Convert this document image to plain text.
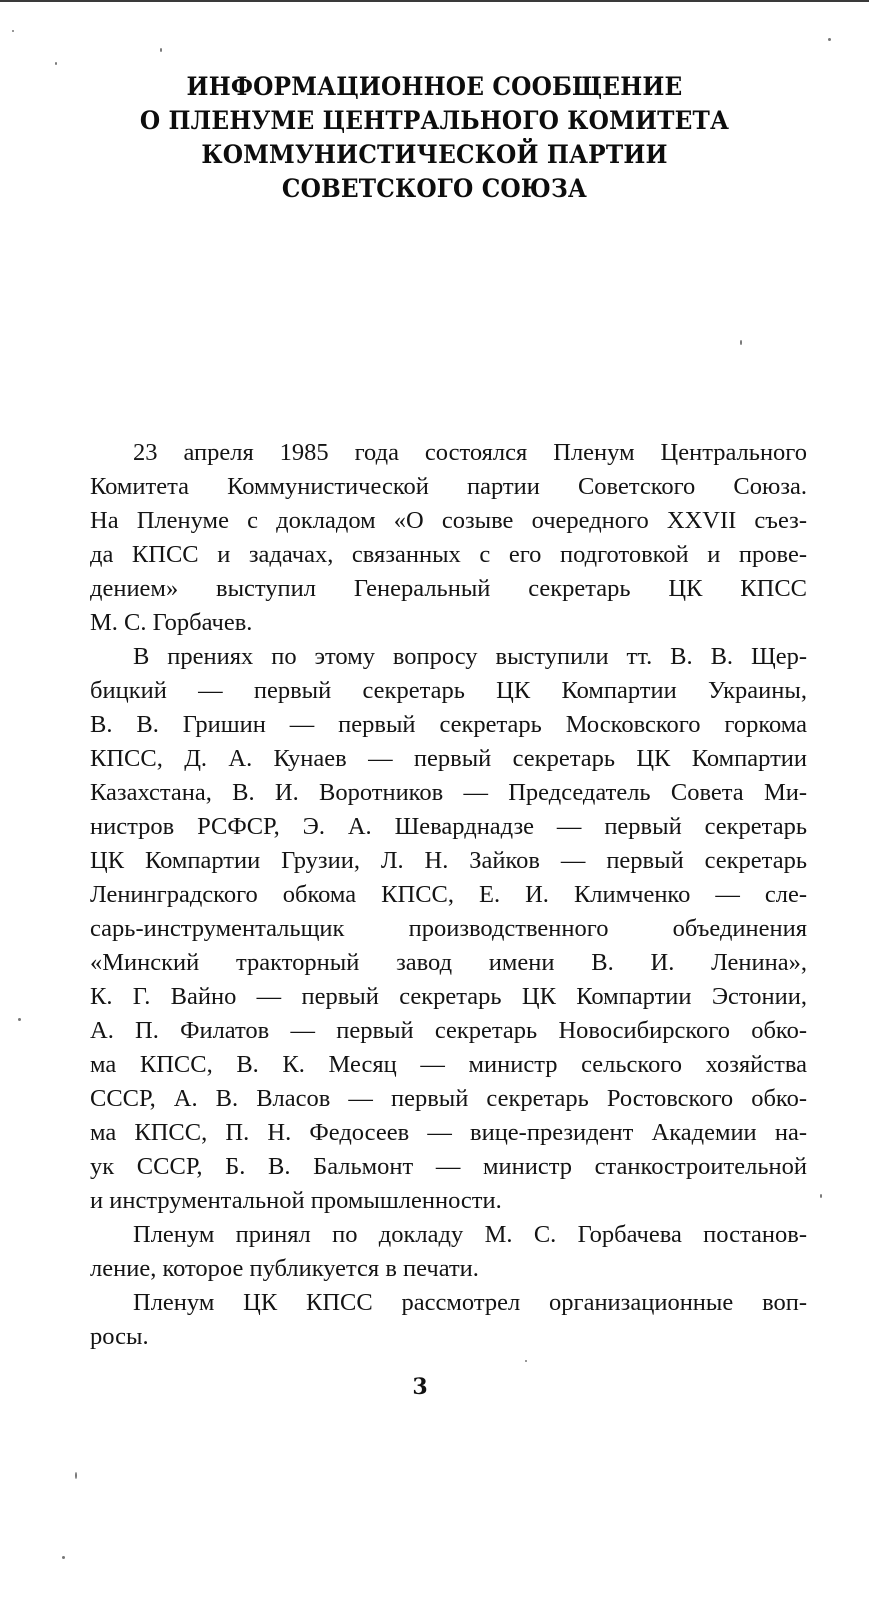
ИНФОРМАЦИОННОЕ СООБЩЕНИЕ
О ПЛЕНУМЕ ЦЕНТРАЛЬНОГО КОМИТЕТА
КОММУНИСТИЧЕСКОЙ ПАРТИИ
СОВЕТСКОГО СОЮЗА
23 апреля 1985 года состоялся Пленум Центрального
Комитета Коммунистической партии Советского Союза.
На Пленуме с докладом «О созыве очередного XXVII съез-
да КПСС и задачах, связанных с его подготовкой и прове-
дением» выступил Генеральный секретарь ЦК КПСС
М. С. Горбачев.
В прениях по этому вопросу выступили тт. В. В. Щер-
бицкий — первый секретарь ЦК Компартии Украины,
В. В. Гришин — первый секретарь Московского горкома
КПСС, Д. А. Кунаев — первый секретарь ЦК Компартии
Казахстана, В. И. Воротников — Председатель Совета Ми-
нистров РСФСР, Э. А. Шеварднадзе — первый секретарь
ЦК Компартии Грузии, Л. Н. Зайков — первый секретарь
Ленинградского обкома КПСС, Е. И. Климченко — сле-
сарь-инструментальщик производственного объединения
«Минский тракторный завод имени В. И. Ленина»,
К. Г. Вайно — первый секретарь ЦК Компартии Эстонии,
А. П. Филатов — первый секретарь Новосибирского обко-
ма КПСС, В. К. Месяц — министр сельского хозяйства
СССР, А. В. Власов — первый секретарь Ростовского обко-
ма КПСС, П. Н. Федосеев — вице-президент Академии на-
ук СССР, Б. В. Бальмонт — министр станкостроительной
и инструментальной промышленности.
Пленум принял по докладу М. С. Горбачева постанов-
ление, которое публикуется в печати.
Пленум ЦК КПСС рассмотрел организационные воп-
росы.
3
